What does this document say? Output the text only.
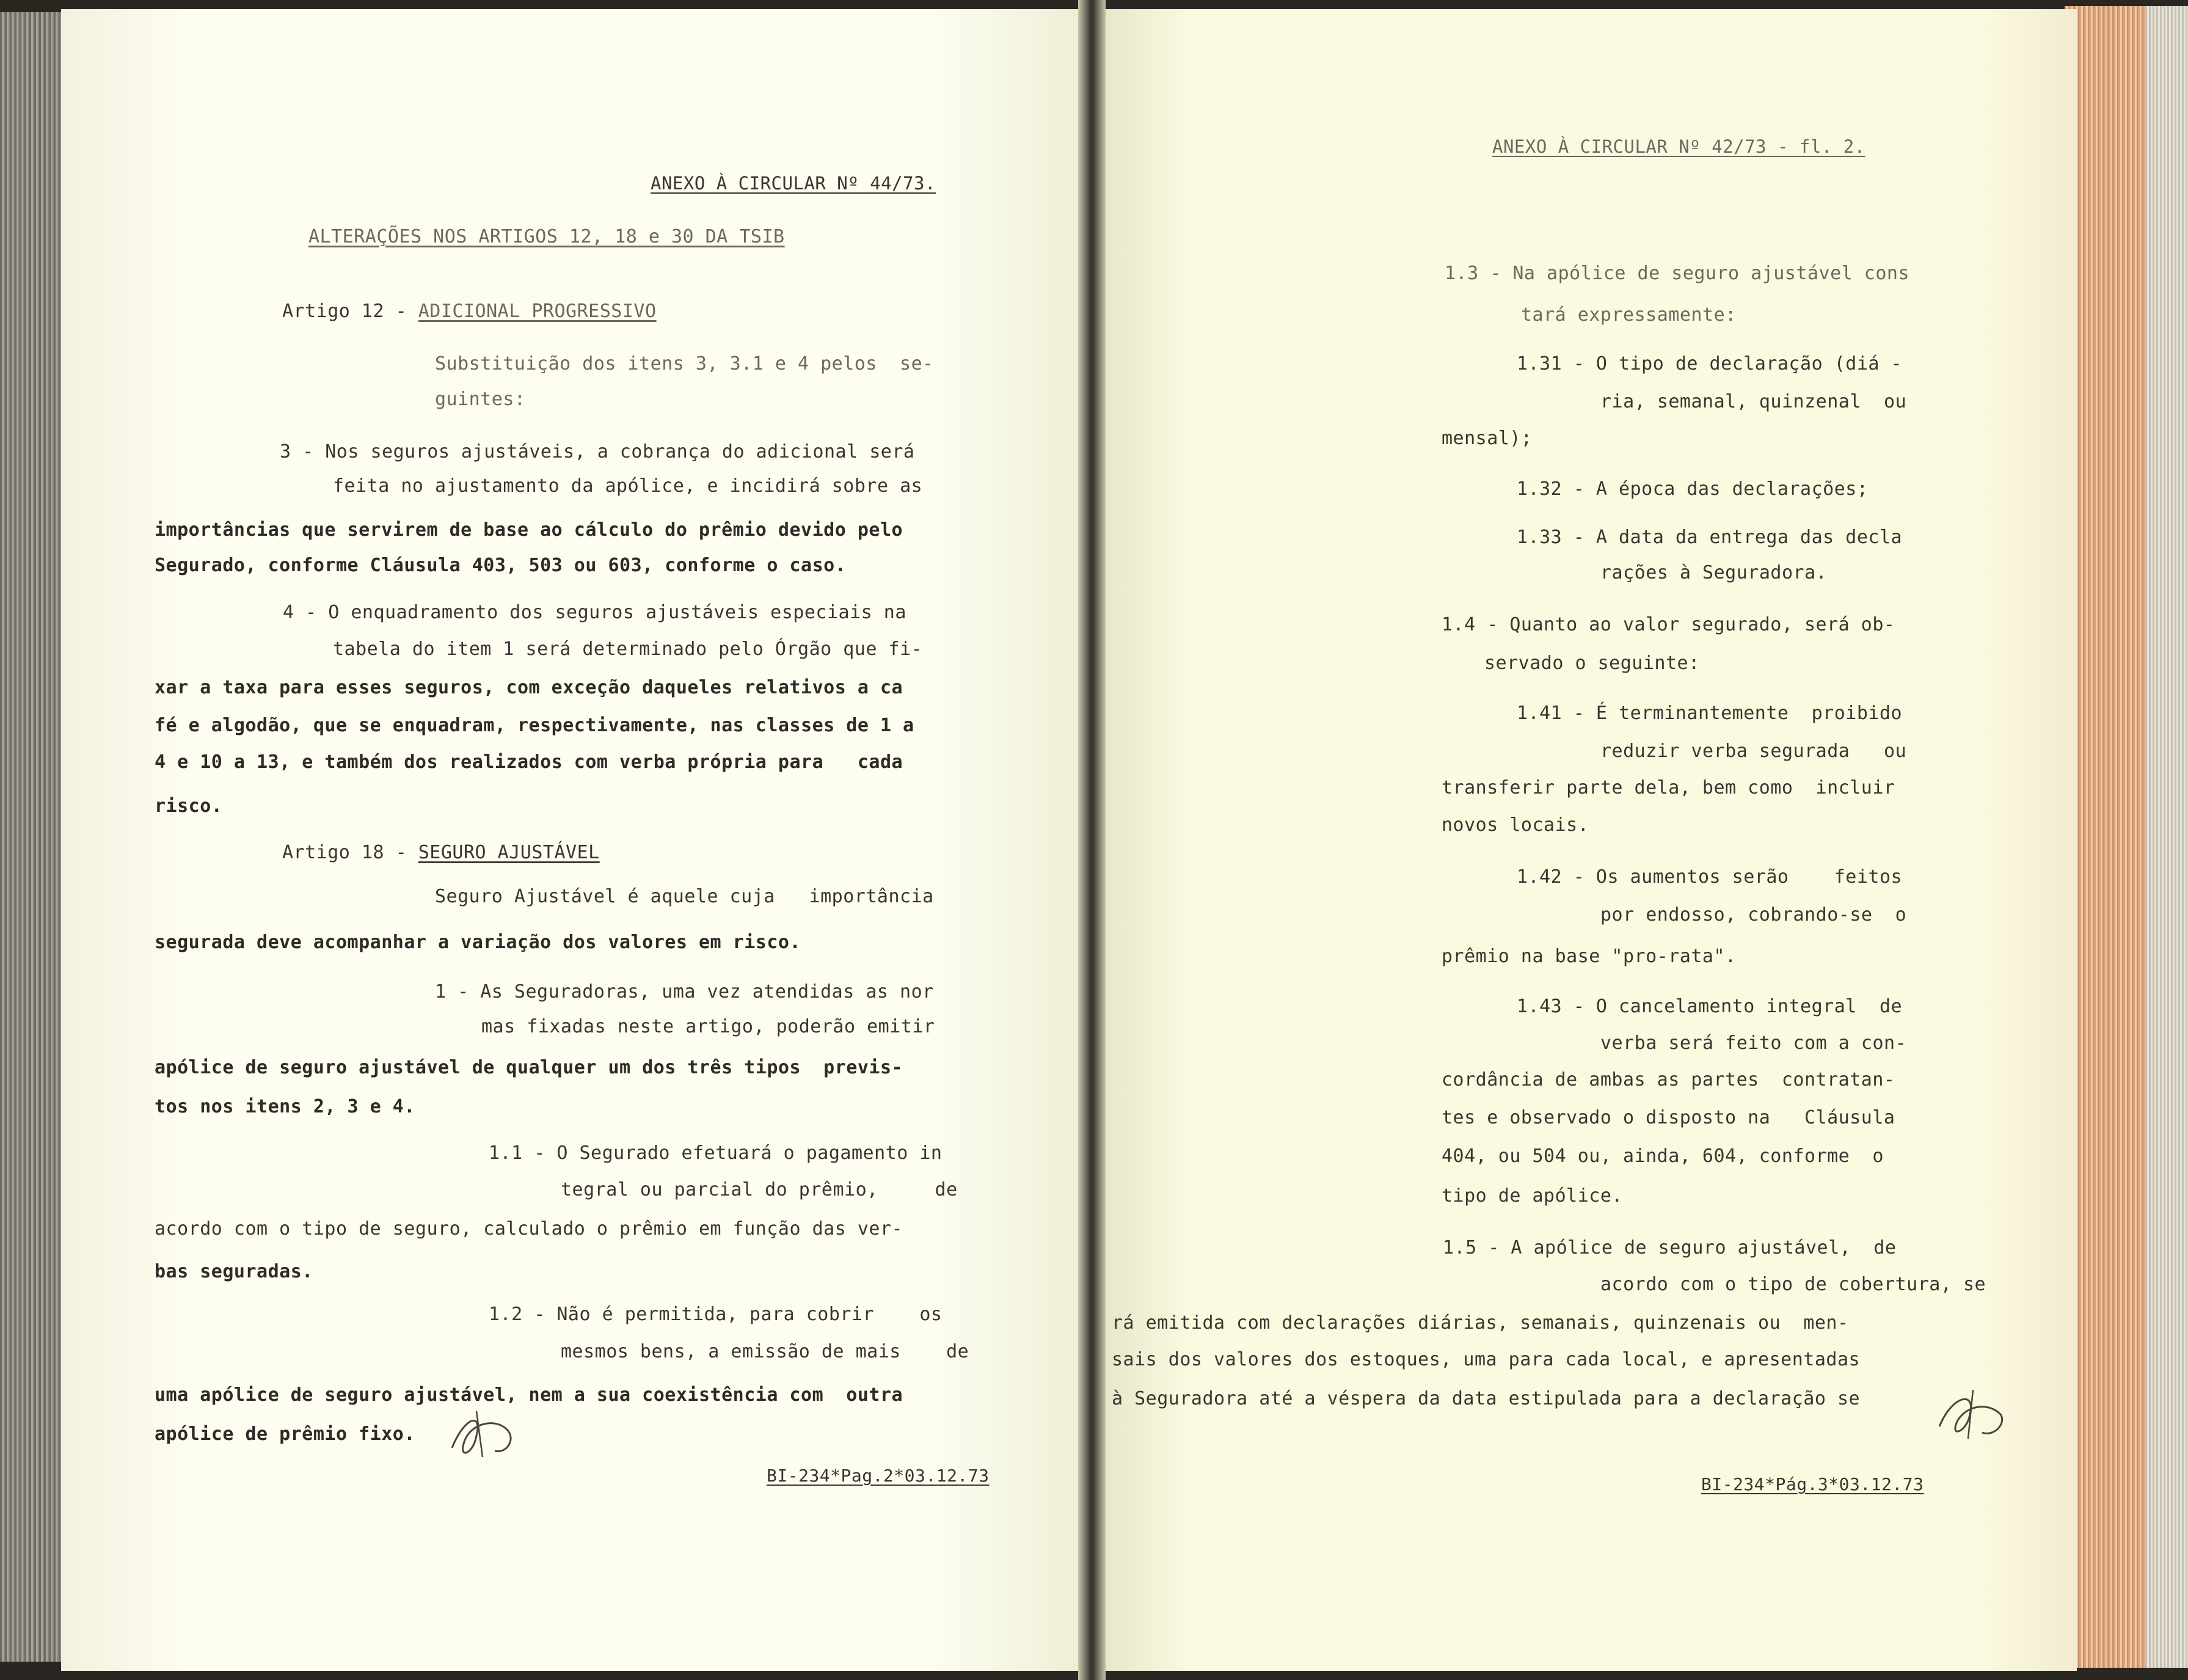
ANEXO À CIRCULAR Nº 44/73.
ALTERAÇÕES NOS ARTIGOS 12, 18 e 30 DA TSIB
Artigo 12 - ADICIONAL PROGRESSIVO
Substituição dos itens 3, 3.1 e 4 pelos  se-
guintes:
3 - Nos seguros ajustáveis, a cobrança do adicional será
feita no ajustamento da apólice, e incidirá sobre as
importâncias que servirem de base ao cálculo do prêmio devido pelo
Segurado, conforme Cláusula 403, 503 ou 603, conforme o caso.
4 - O enquadramento dos seguros ajustáveis especiais na
tabela do item 1 será determinado pelo Órgão que fi-
xar a taxa para esses seguros, com exceção daqueles relativos a ca
fé e algodão, que se enquadram, respectivamente, nas classes de 1 a
4 e 10 a 13, e também dos realizados com verba própria para   cada
risco.
Artigo 18 - SEGURO AJUSTÁVEL
Seguro Ajustável é aquele cuja   importância
segurada deve acompanhar a variação dos valores em risco.
1 - As Seguradoras, uma vez atendidas as nor
mas fixadas neste artigo, poderão emitir
apólice de seguro ajustável de qualquer um dos três tipos  previs-
tos nos itens 2, 3 e 4.
1.1 - O Segurado efetuará o pagamento in
tegral ou parcial do prêmio,     de
acordo com o tipo de seguro, calculado o prêmio em função das ver-
bas seguradas.
1.2 - Não é permitida, para cobrir    os
mesmos bens, a emissão de mais    de
uma apólice de seguro ajustável, nem a sua coexistência com  outra
apólice de prêmio fixo.
BI-234*Pag.2*03.12.73
ANEXO À CIRCULAR Nº 42/73 - fl. 2.
1.3 - Na apólice de seguro ajustável cons
tará expressamente:
1.31 - O tipo de declaração (diá -
ria, semanal, quinzenal  ou
mensal);
1.32 - A época das declarações;
1.33 - A data da entrega das decla
rações à Seguradora.
1.4 - Quanto ao valor segurado, será ob-
servado o seguinte:
1.41 - É terminantemente  proibido
reduzir verba segurada   ou
transferir parte dela, bem como  incluir
novos locais.
1.42 - Os aumentos serão    feitos
por endosso, cobrando-se  o
prêmio na base "pro-rata".
1.43 - O cancelamento integral  de
verba será feito com a con-
cordância de ambas as partes  contratan-
tes e observado o disposto na   Cláusula
404, ou 504 ou, ainda, 604, conforme  o
tipo de apólice.
1.5 - A apólice de seguro ajustável,  de
acordo com o tipo de cobertura, se
rá emitida com declarações diárias, semanais, quinzenais ou  men-
sais dos valores dos estoques, uma para cada local, e apresentadas
à Seguradora até a véspera da data estipulada para a declaração se
BI-234*Pág.3*03.12.73
